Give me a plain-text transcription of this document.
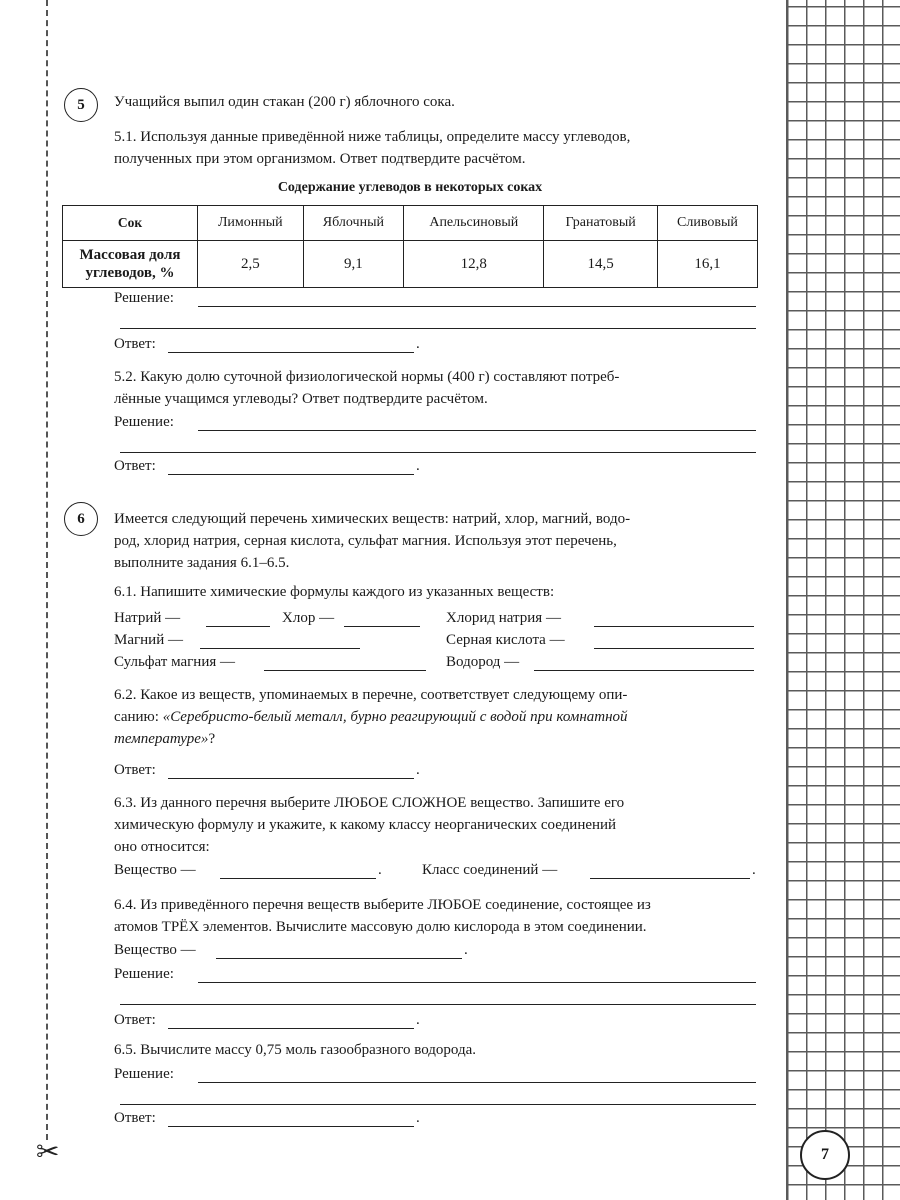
✂	7
5	Учащийся выпил один стакан (200 г) яблочного сока.
5.1. Используя данные приведённой ниже таблицы, определите массу углеводов,
полученных при этом организмом. Ответ подтвердите расчётом.
Содержание углеводов в некоторых соках
Сок	Лимонный	Яблочный	Апельсиновый	Гранатовый	Сливовый

Массовая доля
углеводов, %	2,5	9,1	12,8	14,5	16,1
Решение:
Ответ:	.
5.2. Какую долю суточной физиологической нормы (400 г) составляют потреб-
лённые учащимся углеводы? Ответ подтвердите расчётом.
Решение:
Ответ:	.
6	Имеется следующий перечень химических веществ: натрий, хлор, магний, водо-
род, хлорид натрия, серная кислота, сульфат магния. Используя этот перечень,
выполните задания 6.1–6.5.
6.1. Напишите химические формулы каждого из указанных веществ:
Натрий —	Хлор —	Хлорид натрия —
Магний —	Серная кислота —
Сульфат магния —	Водород —
6.2. Какое из веществ, упоминаемых в перечне, соответствует следующему опи-
санию: «Серебристо-белый металл, бурно реагирующий с водой при комнатной
температуре»?
Ответ:	.
6.3. Из данного перечня выберите ЛЮБОЕ СЛОЖНОЕ вещество. Запишите его
химическую формулу и укажите, к какому классу неорганических соединений
оно относится:
Вещество —	.	Класс соединений —	.
6.4. Из приведённого перечня веществ выберите ЛЮБОЕ соединение, состоящее из
атомов ТРЁХ элементов. Вычислите массовую долю кислорода в этом соединении.
Вещество —	.
Решение:
Ответ:	.
6.5. Вычислите массу 0,75 моль газообразного водорода.
Решение:
Ответ:	.
